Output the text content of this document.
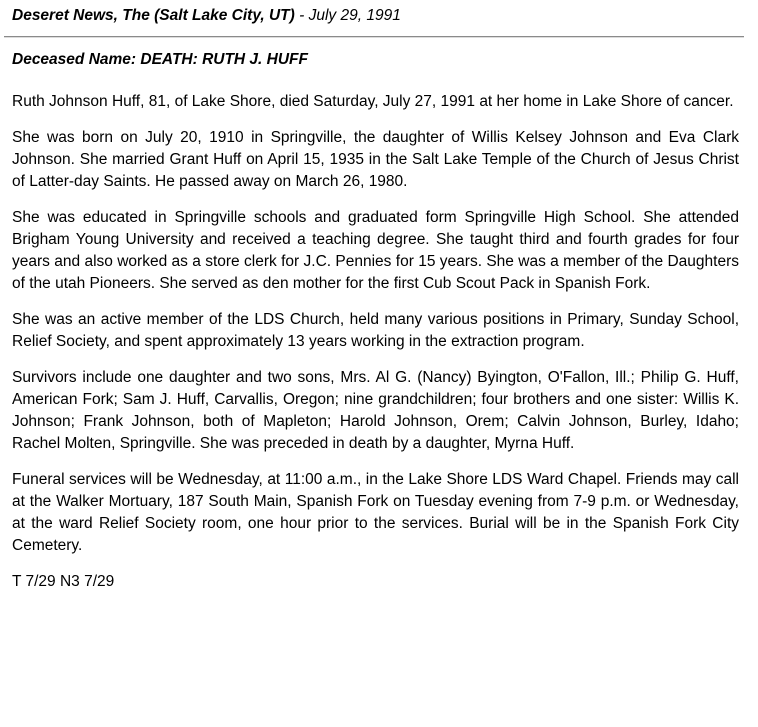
Deseret News, The (Salt Lake City, UT) - July 29, 1991
Deceased Name: DEATH: RUTH J. HUFF

Ruth Johnson Huff, 81, of Lake Shore, died Saturday, July 27, 1991 at her home in Lake Shore of cancer.

She was born on July 20, 1910 in Springville, the daughter of Willis Kelsey Johnson and Eva Clark Johnson. She married Grant Huff on April 15, 1935 in the Salt Lake Temple of the Church of Jesus Christ of Latter-day Saints. He passed away on March 26, 1980.

She was educated in Springville schools and graduated form Springville High School. She attended Brigham Young University and received a teaching degree. She taught third and fourth grades for four years and also worked as a store clerk for J.C. Pennies for 15 years. She was a member of the Daughters of the utah Pioneers. She served as den mother for the first Cub Scout Pack in Spanish Fork.

She was an active member of the LDS Church, held many various positions in Primary, Sunday School, Relief Society, and spent approximately 13 years working in the extraction program.

Survivors include one daughter and two sons, Mrs. Al G. (Nancy) Byington, O'Fallon, Ill.; Philip G. Huff, American Fork; Sam J. Huff, Carvallis, Oregon; nine grandchildren; four brothers and one sister: Willis K. Johnson; Frank Johnson, both of Mapleton; Harold Johnson, Orem; Calvin Johnson, Burley, Idaho; Rachel Molten, Springville. She was preceded in death by a daughter, Myrna Huff.

Funeral services will be Wednesday, at 11:00 a.m., in the Lake Shore LDS Ward Chapel. Friends may call at the Walker Mortuary, 187 South Main, Spanish Fork on Tuesday evening from 7-9 p.m. or Wednesday, at the ward Relief Society room, one hour prior to the services. Burial will be in the Spanish Fork City Cemetery.

T 7/29 N3 7/29
